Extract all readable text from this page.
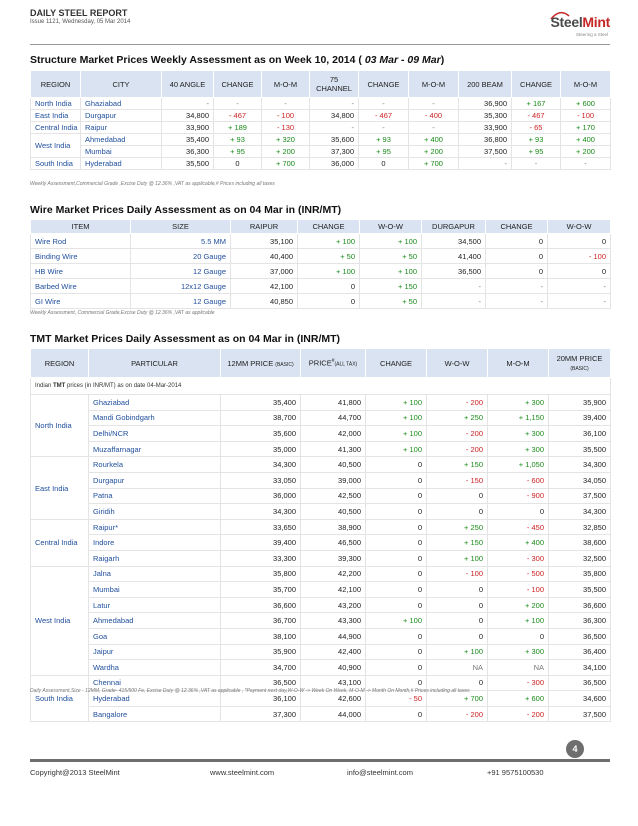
DAILY STEEL REPORT
Issue 1121, Wednesday, 05 Mar 2014	SteelMint
Steering a Steel
Structure Market Prices Weekly Assessment as on Week 10, 2014 ( 03 Mar - 09 Mar)
REGION	CITY	40 ANGLE	CHANGE	M-O-M	75 CHANNEL	CHANGE	M-O-M	200 BEAM	CHANGE	M-O-M
North India	Ghaziabad	-	-	-	-	-	-	36,900	+ 167	+ 600
East India	Durgapur	34,800	- 467	- 100	34,800	- 467	- 400	35,300	- 467	- 100
Central India	Raipur	33,900	+ 189	- 130	-	-	-	33,900	- 65	+ 170
West India	Ahmedabad	35,400	+ 93	+ 320	35,600	+ 93	+ 400	36,800	+ 93	+ 400
	Mumbai	36,300	+ 95	+ 200	37,300	+ 95	+ 200	37,500	+ 95	+ 200
South India	Hyderabad	35,500	0	+ 700	36,000	0	+ 700	-	-	-
Weekly Assessment,Commercial Grade ,Excise Duty @ 12.36% ,VAT as applicable,# Prices including all taxes
Wire Market Prices Daily Assessment as on 04 Mar in (INR/MT)
ITEM	SIZE	RAIPUR	CHANGE	W-O-W	DURGAPUR	CHANGE	W-O-W
Wire Rod	5.5 MM	35,100	+ 100	+ 100	34,500	0	0
Binding Wire	20 Gauge	40,400	+ 50	+ 50	41,400	0	- 100
HB Wire	12 Gauge	37,000	+ 100	+ 100	36,500	0	0
Barbed Wire	12x12 Gauge	42,100	0	+ 150	-	-	-
GI Wire	12 Gauge	40,850	0	+ 50	-	-	-
Weekly Assessment, Commercial Grade,Excise Duty @ 12.36% ,VAT as applicable
TMT Market Prices Daily Assessment as on 04 Mar in (INR/MT)
REGION	PARTICULAR	12MM PRICE (BASIC)	PRICE#(ALL TAX)	CHANGE	W-O-W	M-O-M	20MM PRICE
(BASIC)
Indian TMT prices (in INR/MT) as on date 04-Mar-2014							
North India	Ghaziabad	35,400	41,800	+ 100	- 200	+ 300	35,900
	Mandi Gobindgarh	38,700	44,700	+ 100	+ 250	+ 1,150	39,400
	Delhi/NCR	35,600	42,000	+ 100	- 200	+ 300	36,100
	Muzaffarnagar	35,000	41,300	+ 100	- 200	+ 300	35,500
East India	Rourkela	34,300	40,500	0	+ 150	+ 1,050	34,300
	Durgapur	33,050	39,000	0	- 150	- 600	34,050
	Patna	36,000	42,500	0	0	- 900	37,500
	Giridih	34,300	40,500	0	0	0	34,300
Central India	Raipur*	33,650	38,900	0	+ 250	- 450	32,850
	Indore	39,400	46,500	0	+ 150	+ 400	38,600
	Raigarh	33,300	39,300	0	+ 100	- 300	32,500
West India	Jalna	35,800	42,200	0	- 100	- 500	35,800
	Mumbai	35,700	42,100	0	0	- 100	35,500
	Latur	36,600	43,200	0	0	+ 200	36,600
	Ahmedabad	36,700	43,300	+ 100	0	+ 100	36,300
	Goa	38,100	44,900	0	0	0	36,500
	Jaipur	35,900	42,400	0	+ 100	+ 300	36,400
	Wardha	34,700	40,900	0	NA	NA	34,100
South India	Chennai	36,500	43,100	0	0	- 300	36,500
	Hyderabad	36,100	42,600	- 50	+ 700	+ 600	34,600
	Bangalore	37,300	44,000	0	- 200	- 200	37,500
Daily Assessment,Size - 12MM, Grade- 415/500 Fe, Excise Duty @ 12.36% ,VAT as applicable , *Payment next day,W-O-W -> Week On Week, M-O-M -> Month On Month,# Prices including all taxes
4
Copyright@2013 SteelMint	www.steelmint.com	info@steelmint.com	+91 9575100530
